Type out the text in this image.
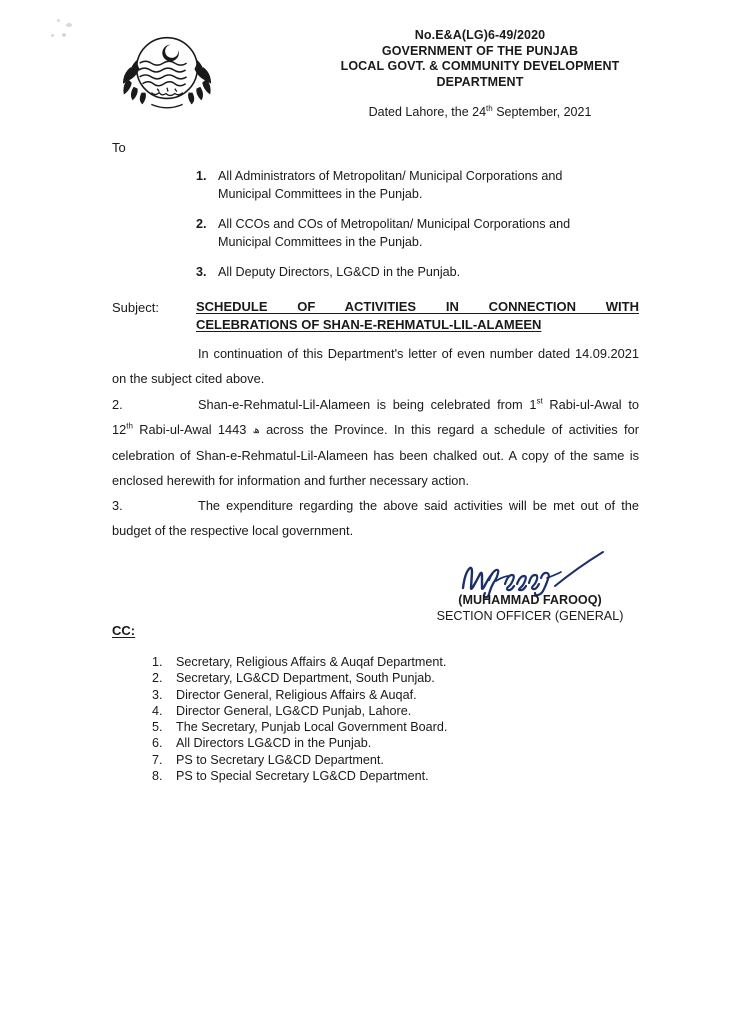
No.E&A(LG)6-49/2020
GOVERNMENT OF THE PUNJAB
LOCAL GOVT. & COMMUNITY DEVELOPMENT
DEPARTMENT
Dated Lahore, the 24th September, 2021
To
1. All Administrators of Metropolitan/ Municipal Corporations and Municipal Committees in the Punjab.
2. All CCOs and COs of Metropolitan/ Municipal Corporations and Municipal Committees in the Punjab.
3. All Deputy Directors, LG&CD in the Punjab.
Subject:	SCHEDULE OF ACTIVITIES IN CONNECTION WITH
CELEBRATIONS OF SHAN-E-REHMATUL-LIL-ALAMEEN
In continuation of this Department's letter of even number dated 14.09.2021 on the subject cited above.
2.	Shan-e-Rehmatul-Lil-Alameen is being celebrated from 1st Rabi-ul-Awal to 12th Rabi-ul-Awal 1443 ھ across the Province. In this regard a schedule of activities for celebration of Shan-e-Rehmatul-Lil-Alameen has been chalked out. A copy of the same is enclosed herewith for information and further necessary action.
3.	The expenditure regarding the above said activities will be met out of the budget of the respective local government.
(MUHAMMAD FAROOQ)
SECTION OFFICER (GENERAL)
CC:
1. Secretary, Religious Affairs & Auqaf Department.
2. Secretary, LG&CD Department, South Punjab.
3. Director General, Religious Affairs & Auqaf.
4. Director General, LG&CD Punjab, Lahore.
5. The Secretary, Punjab Local Government Board.
6. All Directors LG&CD in the Punjab.
7. PS to Secretary LG&CD Department.
8. PS to Special Secretary LG&CD Department.
